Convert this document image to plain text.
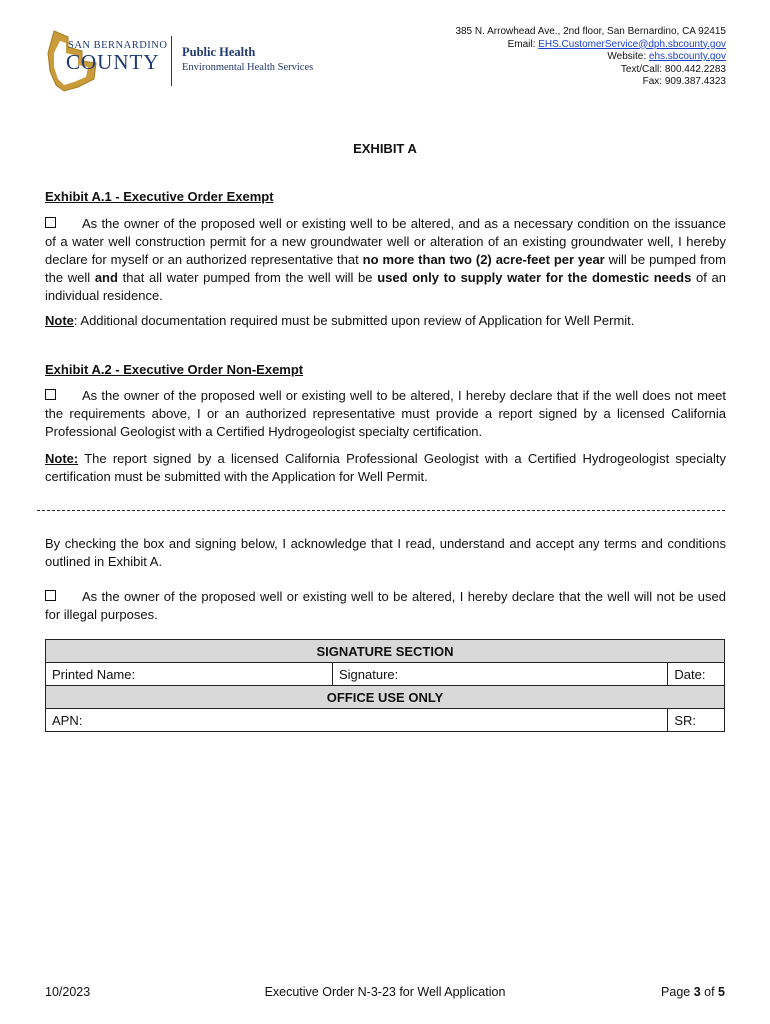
SAN BERNARDINO
COUNTY Public Health
Environmental Health Services
385 N. Arrowhead Ave., 2nd floor, San Bernardino, CA 92415
Email: EHS.CustomerService@dph.sbcounty.gov
Website: ehs.sbcounty.gov
Text/Call: 800.442.2283
Fax: 909.387.4323
EXHIBIT A
Exhibit A.1 - Executive Order Exempt
As the owner of the proposed well or existing well to be altered, and as a necessary condition on the issuance of a water well construction permit for a new groundwater well or alteration of an existing groundwater well, I hereby declare for myself or an authorized representative that no more than two (2) acre-feet per year will be pumped from the well and that all water pumped from the well will be used only to supply water for the domestic needs of an individual residence.
Note: Additional documentation required must be submitted upon review of Application for Well Permit.
Exhibit A.2 - Executive Order Non-Exempt
As the owner of the proposed well or existing well to be altered, I hereby declare that if the well does not meet the requirements above, I or an authorized representative must provide a report signed by a licensed California Professional Geologist with a Certified Hydrogeologist specialty certification.
Note: The report signed by a licensed California Professional Geologist with a Certified Hydrogeologist specialty certification must be submitted with the Application for Well Permit.
By checking the box and signing below, I acknowledge that I read, understand and accept any terms and conditions outlined in Exhibit A.
As the owner of the proposed well or existing well to be altered, I hereby declare that the well will not be used for illegal purposes.
SIGNATURE SECTION		
Printed Name:	Signature:	Date:
OFFICE USE ONLY		
APN:		SR:
10/2023	Executive Order N-3-23 for Well Application	Page 3 of 5
